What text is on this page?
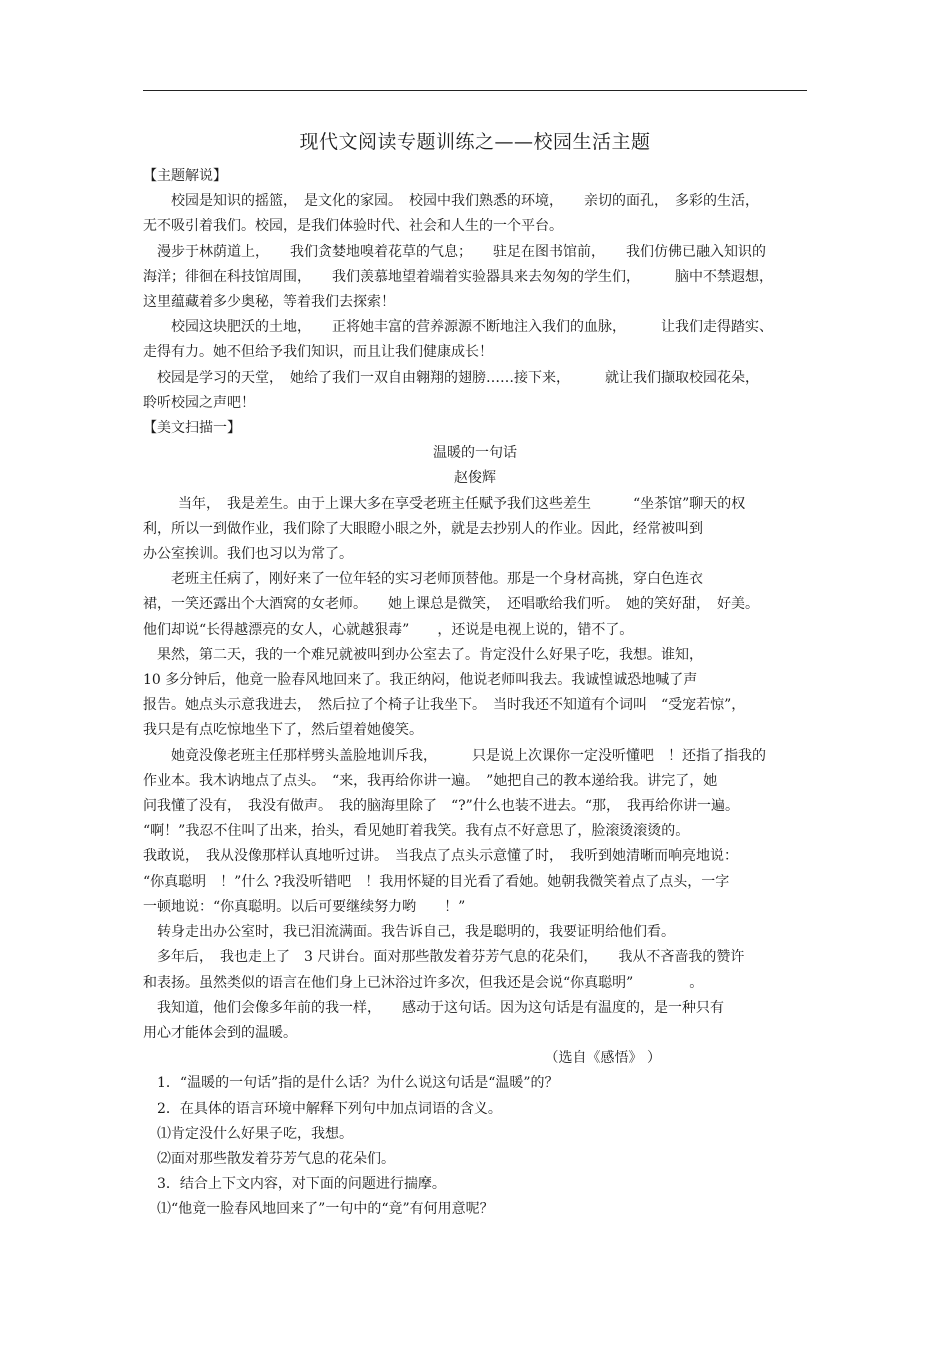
现代文阅读专题训练之——校园生活主题

【主题解说】

校园是知识的摇篮，　是文化的家园。　校园中我们熟悉的环境，　　亲切的面孔，　多彩的生活，

无不吸引着我们。校园，是我们体验时代、社会和人生的一个平台。

漫步于林荫道上，　　我们贪婪地嗅着花草的气息；　　驻足在图书馆前，　　我们仿佛已融入知识的

海洋；徘徊在科技馆周围，　　我们羡慕地望着端着实验器具来去匆匆的学生们，　　　脑中不禁遐想，

这里蕴藏着多少奥秘，等着我们去探索！

校园这块肥沃的土地，　　正将她丰富的营养源源不断地注入我们的血脉，　　　让我们走得踏实、

走得有力。她不但给予我们知识，而且让我们健康成长！

校园是学习的天堂，　她给了我们一双自由翱翔的翅膀……接下来，　　　就让我们撷取校园花朵，

聆听校园之声吧！

【美文扫描一】

温暖的一句话

赵俊辉

当年，　我是差生。由于上课大多在享受老班主任赋予我们这些差生　　　“坐茶馆”聊天的权

利，所以一到做作业，我们除了大眼瞪小眼之外，就是去抄别人的作业。因此，经常被叫到

办公室挨训。我们也习以为常了。

老班主任病了，刚好来了一位年轻的实习老师顶替他。那是一个身材高挑，穿白色连衣

裙，一笑还露出个大酒窝的女老师。　　她上课总是微笑，　还唱歌给我们听。　她的笑好甜，　好美。

他们却说“长得越漂亮的女人，心就越狠毒”　　，还说是电视上说的，错不了。

果然，第二天，我的一个难兄就被叫到办公室去了。肯定没什么好果子吃，我想。谁知，

10 多分钟后，他竟一脸春风地回来了。我正纳闷，他说老师叫我去。我诚惶诚恐地喊了声

报告。她点头示意我进去，　然后拉了个椅子让我坐下。　当时我还不知道有个词叫　“受宠若惊”，

我只是有点吃惊地坐下了，然后望着她傻笑。

她竟没像老班主任那样劈头盖脸地训斥我，　　　只是说上次课你一定没听懂吧　！还指了指我的

作业本。我木讷地点了点头。　“来，我再给你讲一遍。　”她把自己的教本递给我。讲完了，她

问我懂了没有，　我没有做声。　我的脑海里除了　“?”什么也装不进去。“那，　我再给你讲一遍。

“啊！”我忍不住叫了出来，抬头，看见她盯着我笑。我有点不好意思了，脸滚烫滚烫的。

我敢说，　我从没像那样认真地听过讲。　当我点了点头示意懂了时，　我听到她清晰而响亮地说：

“你真聪明　！”什么 ?我没听错吧　！我用怀疑的目光看了看她。她朝我微笑着点了点头，一字

一顿地说：“你真聪明。以后可要继续努力哟　　！”

转身走出办公室时，我已泪流满面。我告诉自己，我是聪明的，我要证明给他们看。

多年后，　我也走上了　3 尺讲台。面对那些散发着芬芳气息的花朵们，　　我从不吝啬我的赞许

和表扬。虽然类似的语言在他们身上已沐浴过许多次，但我还是会说“你真聪明”　　　　。

我知道，他们会像多年前的我一样，　　感动于这句话。因为这句话是有温度的，是一种只有

用心才能体会到的温暖。

（选自《感悟》 ）

1．“温暖的一句话”指的是什么话？为什么说这句话是“温暖”的？

2．在具体的语言环境中解释下列句中加点词语的含义。

⑴肯定没什么好果子吃，我想。

⑵面对那些散发着芬芳气息的花朵们。

3．结合上下文内容，对下面的问题进行揣摩。

⑴“他竟一脸春风地回来了”一句中的“竟”有何用意呢？
